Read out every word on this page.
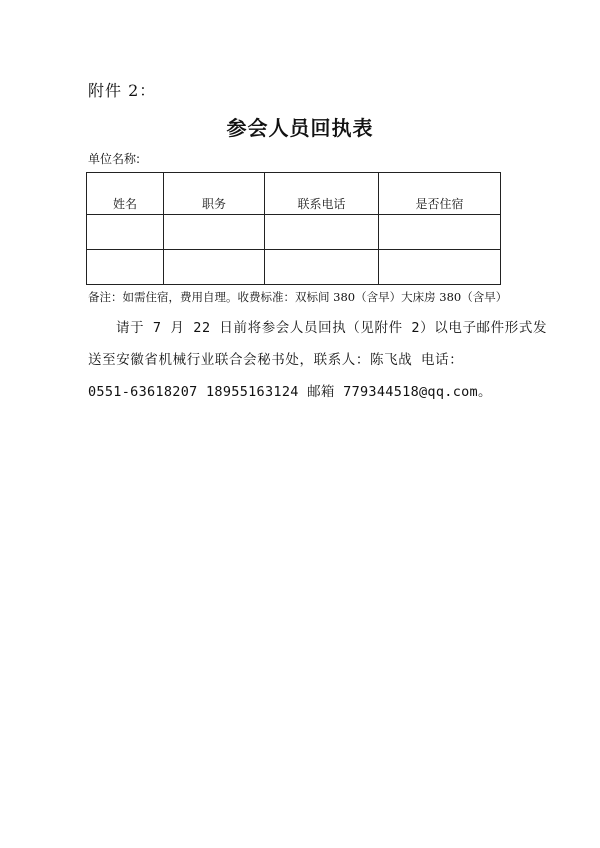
附件 2：
参会人员回执表
单位名称:
姓名	职务	联系电话	是否住宿

备注：如需住宿，费用自理。收费标准：双标间 380（含早）大床房 380（含早）
请于 7 月 22 日前将参会人员回执（见附件 2）以电子邮件形式发
送至安徽省机械行业联合会秘书处，联系人：陈飞战 电话：
0551-63618207 18955163124 邮箱 779344518@qq.com。
